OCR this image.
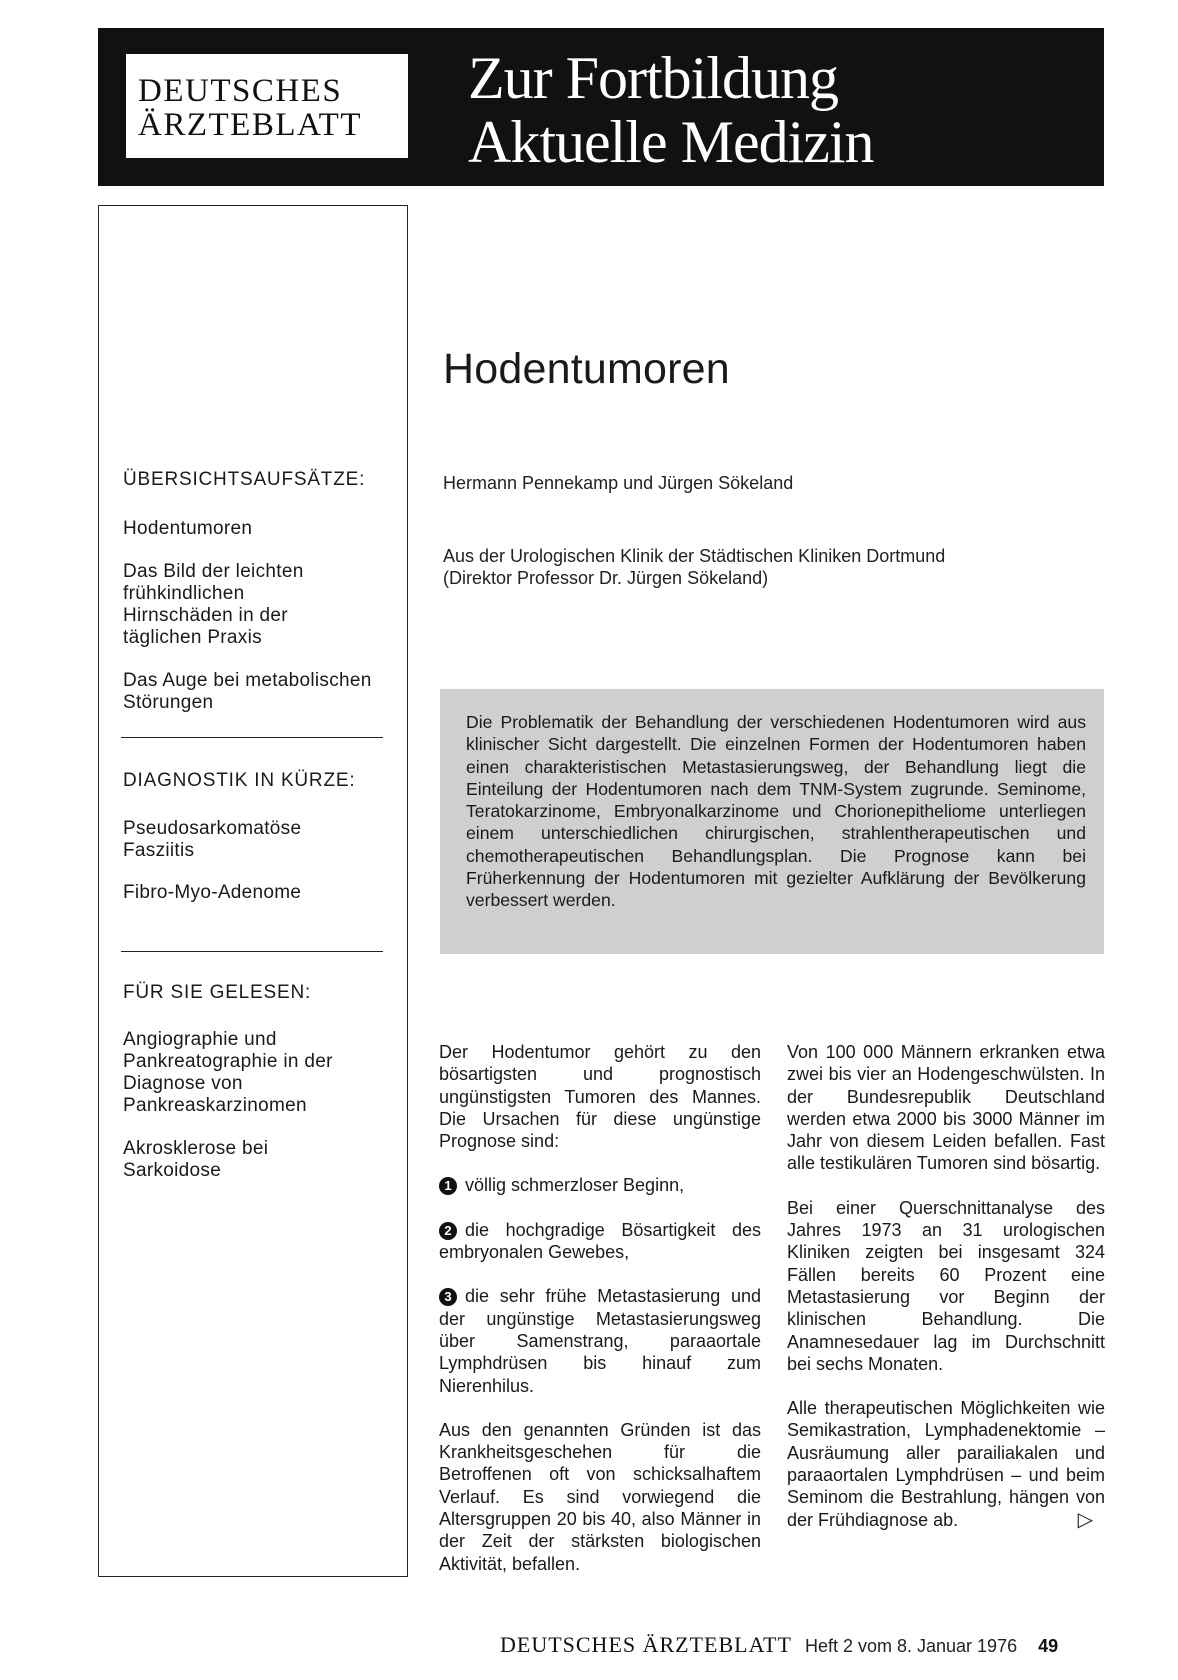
DEUTSCHES
ÄRZTEBLATT
Zur Fortbildung
Aktuelle Medizin
ÜBERSICHTSAUFSÄTZE:
Hodentumoren
Das Bild der leichten frühkindlichen Hirnschäden in der täglichen Praxis
Das Auge bei metabolischen Störungen
DIAGNOSTIK IN KÜRZE:
Pseudosarkomatöse Fasziitis
Fibro-Myo-Adenome
FÜR SIE GELESEN:
Angiographie und Pankreatographie in der Diagnose von Pankreaskarzinomen
Akrosklerose bei Sarkoidose
Hodentumoren
Hermann Pennekamp und Jürgen Sökeland
Aus der Urologischen Klinik der Städtischen Kliniken Dortmund
(Direktor Professor Dr. Jürgen Sökeland)
Die Problematik der Behandlung der verschiedenen Hodentumoren wird aus klinischer Sicht dargestellt. Die einzelnen Formen der Hodentumoren haben einen charakteristischen Metastasierungsweg, der Behandlung liegt die Einteilung der Hodentumoren nach dem TNM-System zugrunde. Seminome, Teratokarzinome, Embryonalkarzinome und Chorionepitheliome unterliegen einem unterschiedlichen chirurgischen, strahlentherapeutischen und chemotherapeutischen Behandlungsplan. Die Prognose kann bei Früherkennung der Hodentumoren mit gezielter Aufklärung der Bevölkerung verbessert werden.

Der Hodentumor gehört zu den bösartigsten und prognostisch ungünstigsten Tumoren des Mannes. Die Ursachen für diese ungünstige Prognose sind:

1 völlig schmerzloser Beginn,

2 die hochgradige Bösartigkeit des embryonalen Gewebes,

3 die sehr frühe Metastasierung und der ungünstige Metastasierungsweg über Samenstrang, paraaortale Lymphdrüsen bis hinauf zum Nierenhilus.

Aus den genannten Gründen ist das Krankheitsgeschehen für die Betroffenen oft von schicksalhaftem Verlauf. Es sind vorwiegend die Altersgruppen 20 bis 40, also Männer in der Zeit der stärksten biologischen Aktivität, befallen.

Von 100 000 Männern erkranken etwa zwei bis vier an Hodengeschwülsten. In der Bundesrepublik Deutschland werden etwa 2000 bis 3000 Männer im Jahr von diesem Leiden befallen. Fast alle testikulären Tumoren sind bösartig.

Bei einer Querschnittanalyse des Jahres 1973 an 31 urologischen Kliniken zeigten bei insgesamt 324 Fällen bereits 60 Prozent eine Metastasierung vor Beginn der klinischen Behandlung. Die Anamnesedauer lag im Durchschnitt bei sechs Monaten.

Alle therapeutischen Möglichkeiten wie Semikastration, Lymphadenektomie – Ausräumung aller parailiakalen und paraaortalen Lymphdrüsen – und beim Seminom die Bestrahlung, hängen von der Frühdiagnose ab.	▷

DEUTSCHES ÄRZTEBLATT Heft 2 vom 8. Januar 1976 49
